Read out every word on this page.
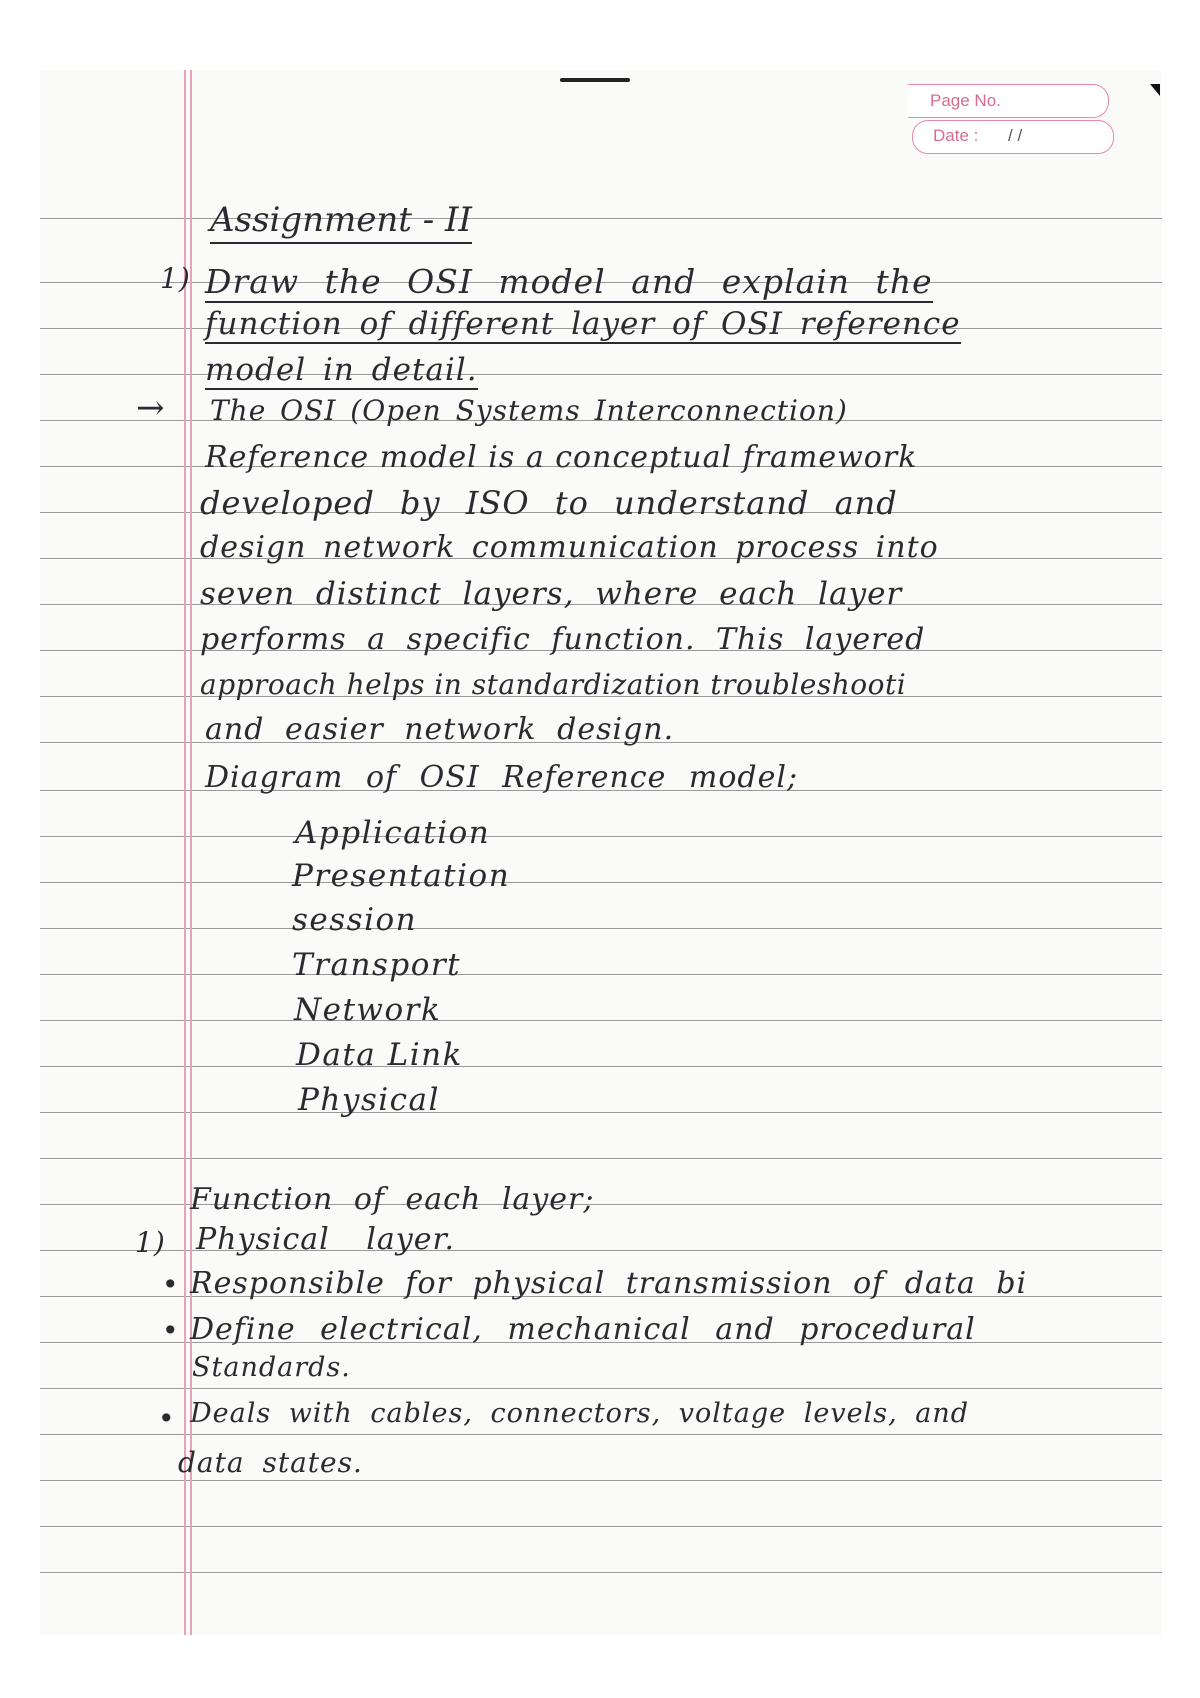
Page No.
Date : / /
Assignment - II
1) Draw the OSI model and explain the
function of different layer of OSI reference
model in detail.
→ The OSI (Open Systems Interconnection)
Reference model is a conceptual framework
developed by ISO to understand and
design network communication process into
seven distinct layers, where each layer
performs a specific function. This layered
approach helps in standardization troubleshooti
and easier network design.
Diagram of OSI Reference model;
Application
Presentation
session
Transport
Network
Data Link
Physical
Function of each layer;
1) Physical layer.
• Responsible for physical transmission of data bi
• Define electrical, mechanical and procedural
Standards.
• Deals with cables, connectors, voltage levels, and
data states.
